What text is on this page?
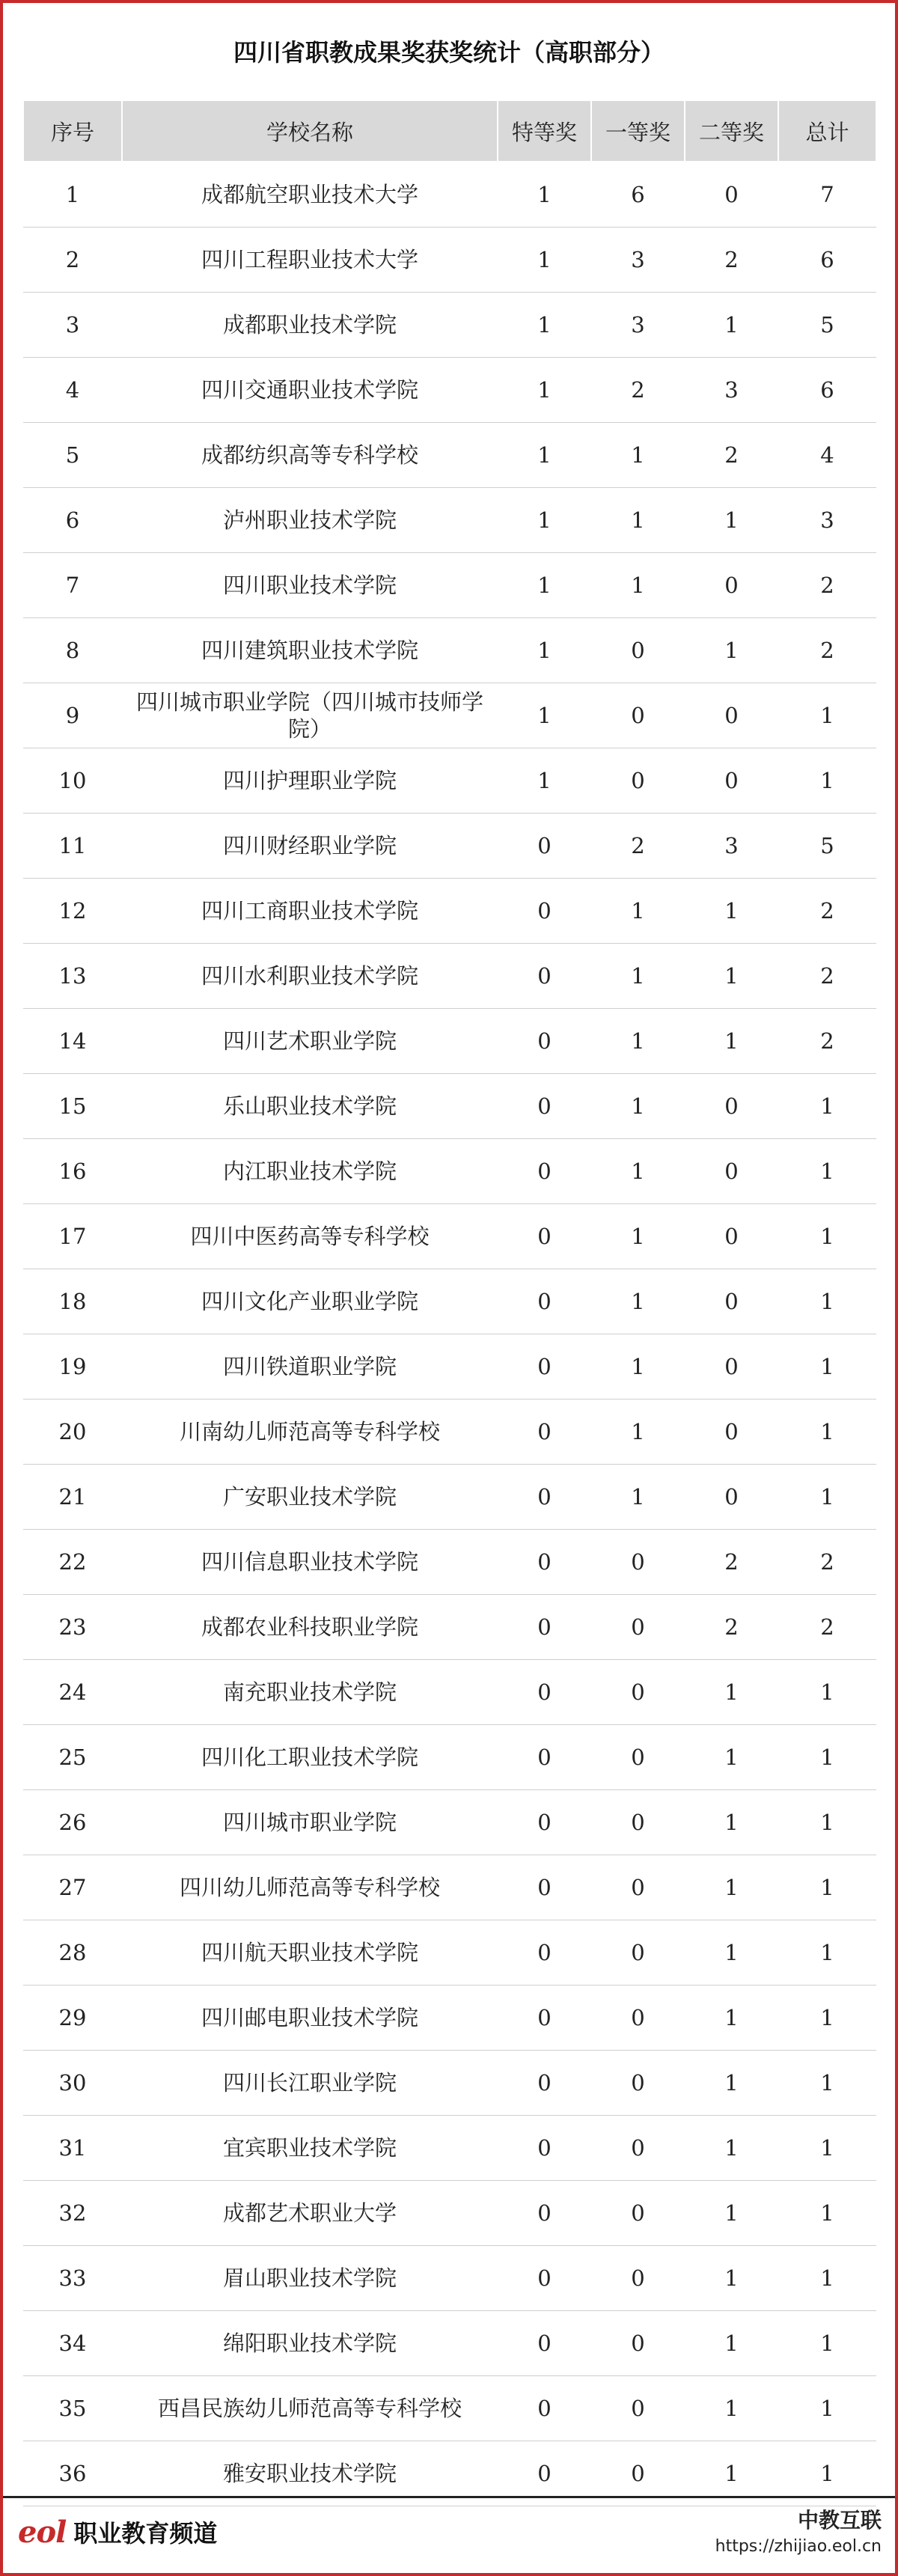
四川省职教成果奖获奖统计（高职部分）
序号	学校名称	特等奖	一等奖	二等奖	总计
1	成都航空职业技术大学	1	6	0	7
2	四川工程职业技术大学	1	3	2	6
3	成都职业技术学院	1	3	1	5
4	四川交通职业技术学院	1	2	3	6
5	成都纺织高等专科学校	1	1	2	4
6	泸州职业技术学院	1	1	1	3
7	四川职业技术学院	1	1	0	2
8	四川建筑职业技术学院	1	0	1	2
9	四川城市职业学院（四川城市技师学院）	1	0	0	1
10	四川护理职业学院	1	0	0	1
11	四川财经职业学院	0	2	3	5
12	四川工商职业技术学院	0	1	1	2
13	四川水利职业技术学院	0	1	1	2
14	四川艺术职业学院	0	1	1	2
15	乐山职业技术学院	0	1	0	1
16	内江职业技术学院	0	1	0	1
17	四川中医药高等专科学校	0	1	0	1
18	四川文化产业职业学院	0	1	0	1
19	四川铁道职业学院	0	1	0	1
20	川南幼儿师范高等专科学校	0	1	0	1
21	广安职业技术学院	0	1	0	1
22	四川信息职业技术学院	0	0	2	2
23	成都农业科技职业学院	0	0	2	2
24	南充职业技术学院	0	0	1	1
25	四川化工职业技术学院	0	0	1	1
26	四川城市职业学院	0	0	1	1
27	四川幼儿师范高等专科学校	0	0	1	1
28	四川航天职业技术学院	0	0	1	1
29	四川邮电职业技术学院	0	0	1	1
30	四川长江职业学院	0	0	1	1
31	宜宾职业技术学院	0	0	1	1
32	成都艺术职业大学	0	0	1	1
33	眉山职业技术学院	0	0	1	1
34	绵阳职业技术学院	0	0	1	1
35	西昌民族幼儿师范高等专科学校	0	0	1	1
36	雅安职业技术学院	0	0	1	1
eol 职业教育频道	中教互联
https://zhijiao.eol.cn
